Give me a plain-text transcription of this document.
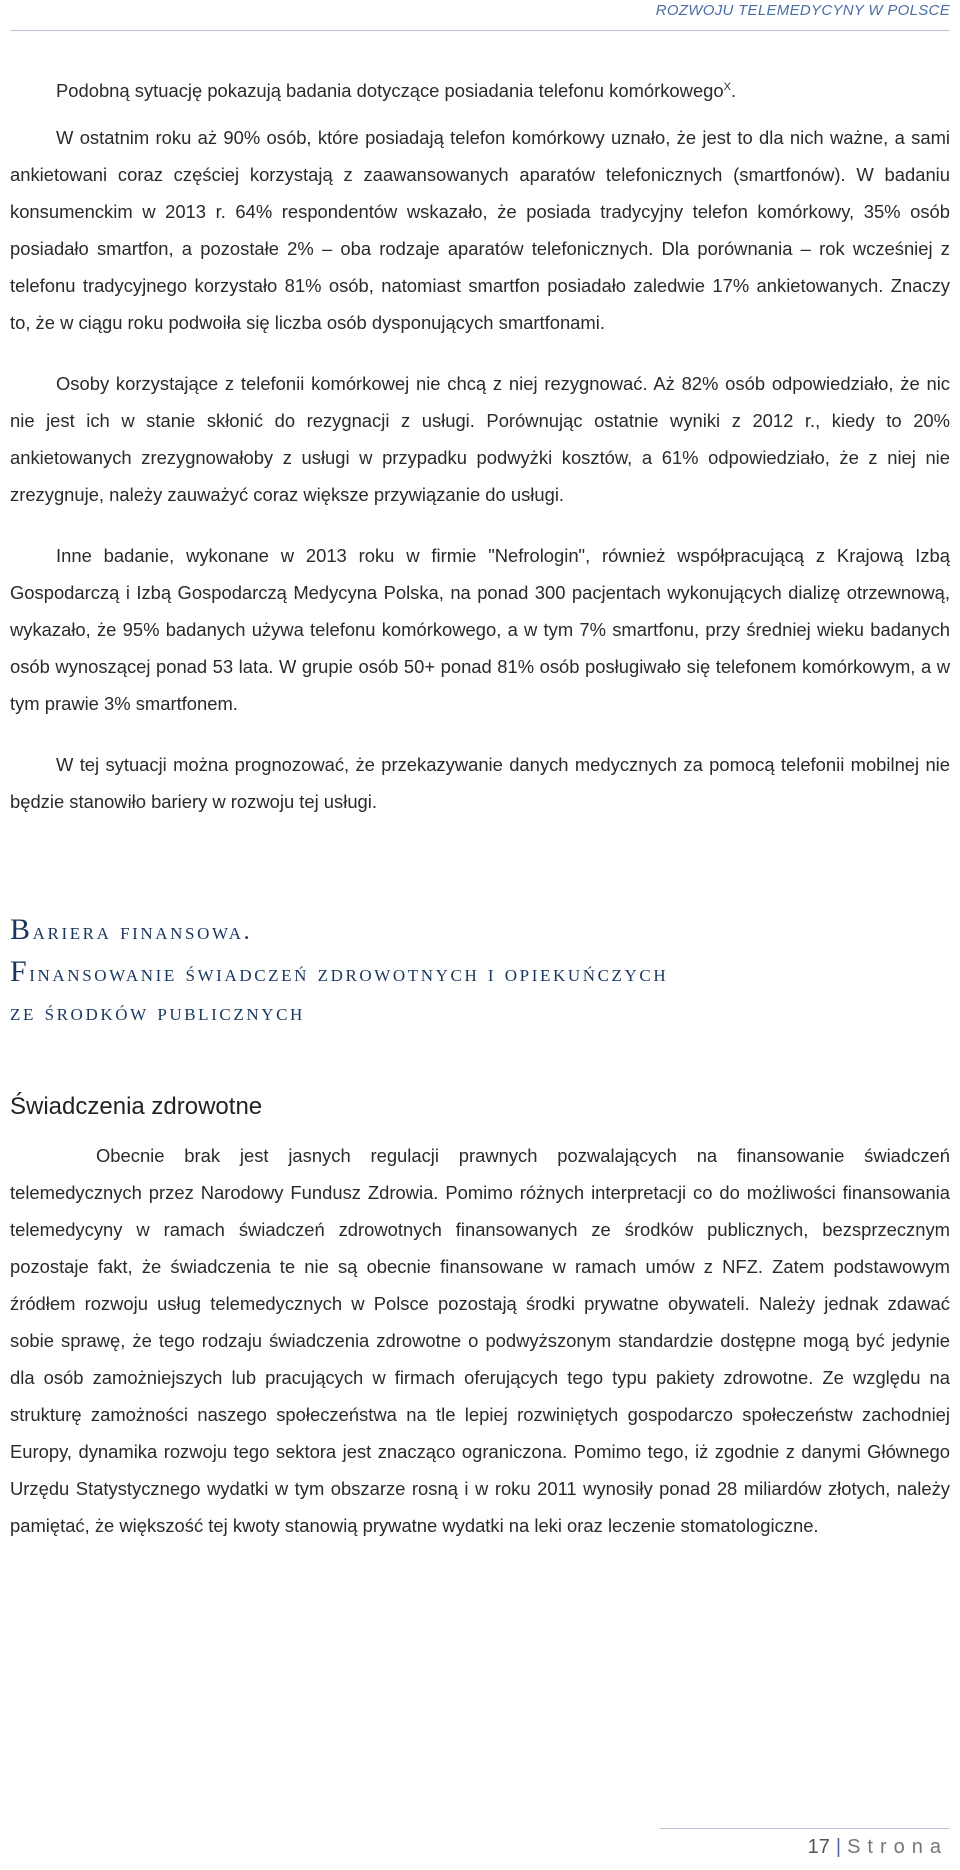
ROZWOJU TELEMEDYCYNY W POLSCE

Podobną sytuację pokazują badania dotyczące posiadania telefonu komórkowego$^X$.

W ostatnim roku aż 90% osób, które posiadają telefon komórkowy uznało, że jest to dla nich ważne, a sami ankietowani coraz częściej korzystają z zaawansowanych aparatów telefonicznych (smartfonów). W badaniu konsumenckim w 2013 r. 64% respondentów wskazało, że posiada tradycyjny telefon komórkowy, 35% osób posiadało smartfon, a pozostałe 2% – oba rodzaje aparatów telefonicznych. Dla porównania – rok wcześniej z telefonu tradycyjnego korzystało 81% osób, natomiast smartfon posiadało zaledwie 17% ankietowanych. Znaczy to, że w ciągu roku podwoiła się liczba osób dysponujących smartfonami.

Osoby korzystające z telefonii komórkowej nie chcą z niej rezygnować. Aż 82% osób odpowiedziało, że nic nie jest ich w stanie skłonić do rezygnacji z usługi. Porównując ostatnie wyniki z 2012 r., kiedy to 20% ankietowanych zrezygnowałoby z usługi w przypadku podwyżki kosztów, a 61% odpowiedziało, że z niej nie zrezygnuje, należy zauważyć coraz większe przywiązanie do usługi.

Inne badanie, wykonane w 2013 roku w firmie "Nefrologin", również współpracującą z Krajową Izbą Gospodarczą i Izbą Gospodarczą Medycyna Polska, na ponad 300 pacjentach wykonujących dializę otrzewnową, wykazało, że 95% badanych używa telefonu komórkowego, a w tym 7% smartfonu, przy średniej wieku badanych osób wynoszącej ponad 53 lata. W grupie osób 50+ ponad 81% osób posługiwało się telefonem komórkowym, a w tym prawie 3% smartfonem.

W tej sytuacji można prognozować, że przekazywanie danych medycznych za pomocą telefonii mobilnej nie będzie stanowiło bariery w rozwoju tej usługi.

Bariera finansowa.
Finansowanie świadczeń zdrowotnych i opiekuńczych
ze środków publicznych
Świadczenia zdrowotne

Obecnie brak jest jasnych regulacji prawnych pozwalających na finansowanie świadczeń telemedycznych przez Narodowy Fundusz Zdrowia. Pomimo różnych interpretacji co do możliwości finansowania telemedycyny w ramach świadczeń zdrowotnych finansowanych ze środków publicznych, bezsprzecznym pozostaje fakt, że świadczenia te nie są obecnie finansowane w ramach umów z NFZ. Zatem podstawowym źródłem rozwoju usług telemedycznych w Polsce pozostają środki prywatne obywateli. Należy jednak zdawać sobie sprawę, że tego rodzaju świadczenia zdrowotne o podwyższonym standardzie dostępne mogą być jedynie dla osób zamożniejszych lub pracujących w firmach oferujących tego typu pakiety zdrowotne. Ze względu na strukturę zamożności naszego społeczeństwa na tle lepiej rozwiniętych gospodarczo społeczeństw zachodniej Europy, dynamika rozwoju tego sektora jest znacząco ograniczona. Pomimo tego, iż zgodnie z danymi Głównego Urzędu Statystycznego wydatki w tym obszarze rosną i w roku 2011 wynosiły ponad 28 miliardów złotych, należy pamiętać, że większość tej kwoty stanowią prywatne wydatki na leki oraz leczenie stomatologiczne.

17 | Strona
